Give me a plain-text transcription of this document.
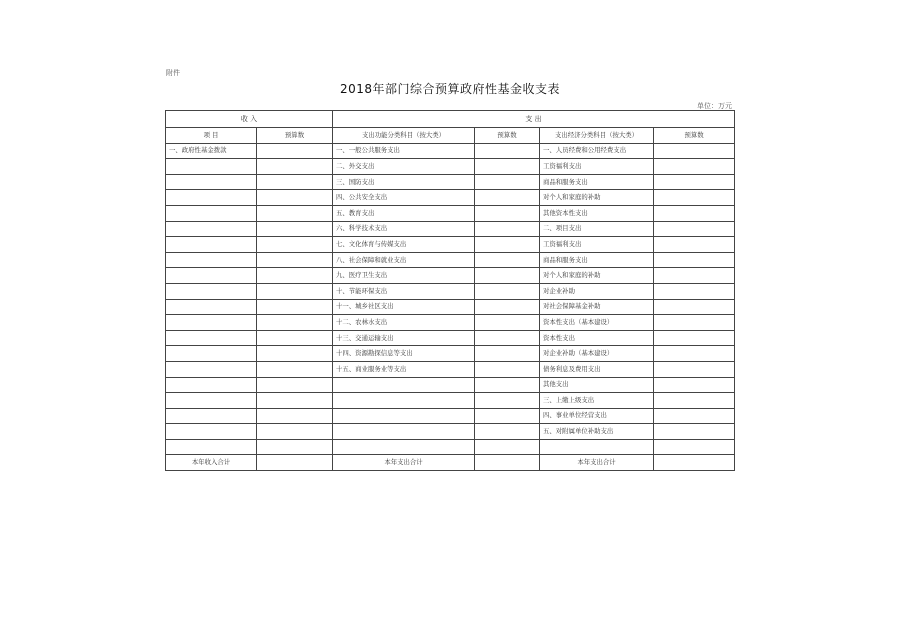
附件
2018年部门综合预算政府性基金收支表
单位：万元
收 入		支 出			
项 目	预算数	支出功能分类科目（按大类）	预算数	支出经济分类科目（按大类）	预算数
一、政府性基金拨款		一、一般公共服务支出		一、人员经费和公用经费支出	
		二、外交支出		工资福利支出	
		三、国防支出		商品和服务支出	
		四、公共安全支出		对个人和家庭的补助	
		五、教育支出		其他资本性支出	
		六、科学技术支出		二、项目支出	
		七、文化体育与传媒支出		工资福利支出	
		八、社会保障和就业支出		商品和服务支出	
		九、医疗卫生支出		对个人和家庭的补助	
		十、节能环保支出		对企业补助	
		十一、城乡社区支出		对社会保障基金补助	
		十二、农林水支出		资本性支出（基本建设）	
		十三、交通运输支出		资本性支出	
		十四、资源勘探信息等支出		对企业补助（基本建设）	
		十五、商业服务业等支出		债务利息及费用支出	
				其他支出	
				三、上缴上级支出	
				四、事业单位经营支出	
				五、对附属单位补助支出	

本年收入合计		本年支出合计		本年支出合计	
